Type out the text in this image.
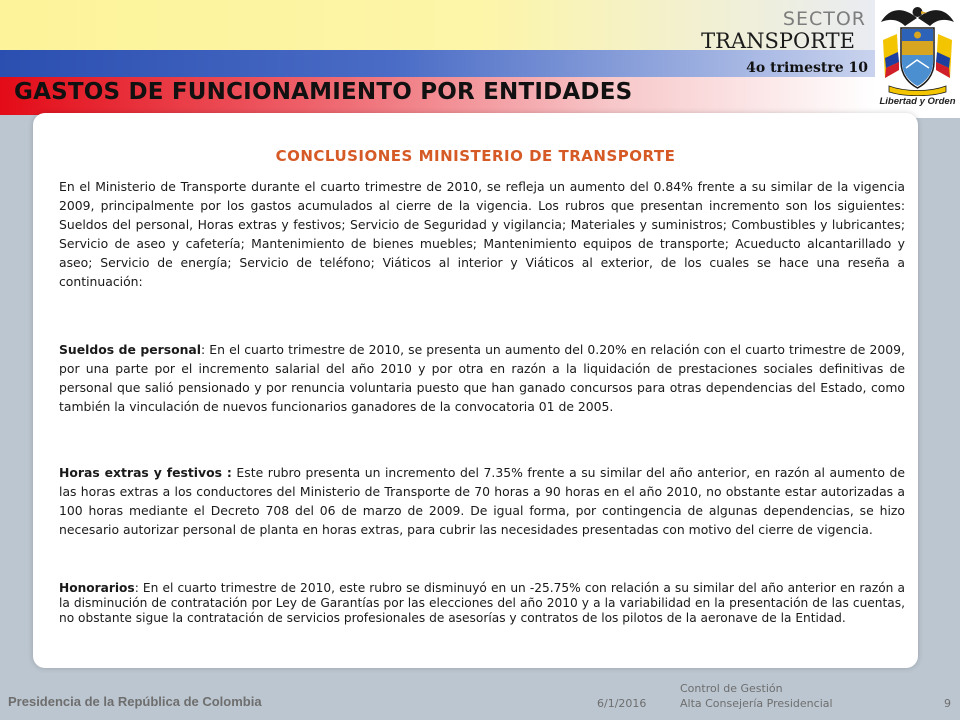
SECTOR

TRANSPORTE

4o trimestre 10

GASTOS DE FUNCIONAMIENTO POR ENTIDADES	Libertad y Orden

CONCLUSIONES MINISTERIO DE TRANSPORTE

En el Ministerio de Transporte durante el cuarto trimestre de 2010, se refleja un aumento del 0.84% frente a su similar de la vigencia 2009, principalmente por los gastos acumulados al cierre de la vigencia. Los rubros que presentan incremento son los siguientes: Sueldos del personal, Horas extras y festivos; Servicio de Seguridad y vigilancia; Materiales y suministros; Combustibles y lubricantes; Servicio de aseo y cafetería; Mantenimiento de bienes muebles; Mantenimiento equipos de transporte; Acueducto alcantarillado y aseo; Servicio de energía; Servicio de teléfono; Viáticos al interior y Viáticos al exterior, de los cuales se hace una reseña a continuación:

Sueldos de personal: En el cuarto trimestre de 2010, se presenta un aumento del 0.20% en relación con el cuarto trimestre de 2009, por una parte por el incremento salarial del año 2010 y por otra en razón a la liquidación de prestaciones sociales definitivas de personal que salió pensionado y por renuncia voluntaria puesto que han ganado concursos para otras dependencias del Estado, como también la vinculación de nuevos funcionarios ganadores de la convocatoria 01 de 2005.

Horas extras y festivos : Este rubro presenta un incremento del 7.35% frente a su similar del año anterior, en razón al aumento de las horas extras a los conductores del Ministerio de Transporte de 70 horas a 90 horas en el año 2010, no obstante estar autorizadas a 100 horas mediante el Decreto 708 del 06 de marzo de 2009. De igual forma, por contingencia de algunas dependencias, se hizo necesario autorizar personal de planta en horas extras, para cubrir las necesidades presentadas con motivo del cierre de vigencia.

Honorarios: En el cuarto trimestre de 2010, este rubro se disminuyó en un -25.75% con relación a su similar del año anterior en razón a la disminución de contratación por Ley de Garantías por las elecciones del año 2010 y a la variabilidad en la presentación de las cuentas, no obstante sigue la contratación de servicios profesionales de asesorías y contratos de los pilotos de la aeronave de la Entidad.

Presidencia de la República de Colombia	6/1/2016

Control de Gestión
Alta Consejería Presidencial	9
